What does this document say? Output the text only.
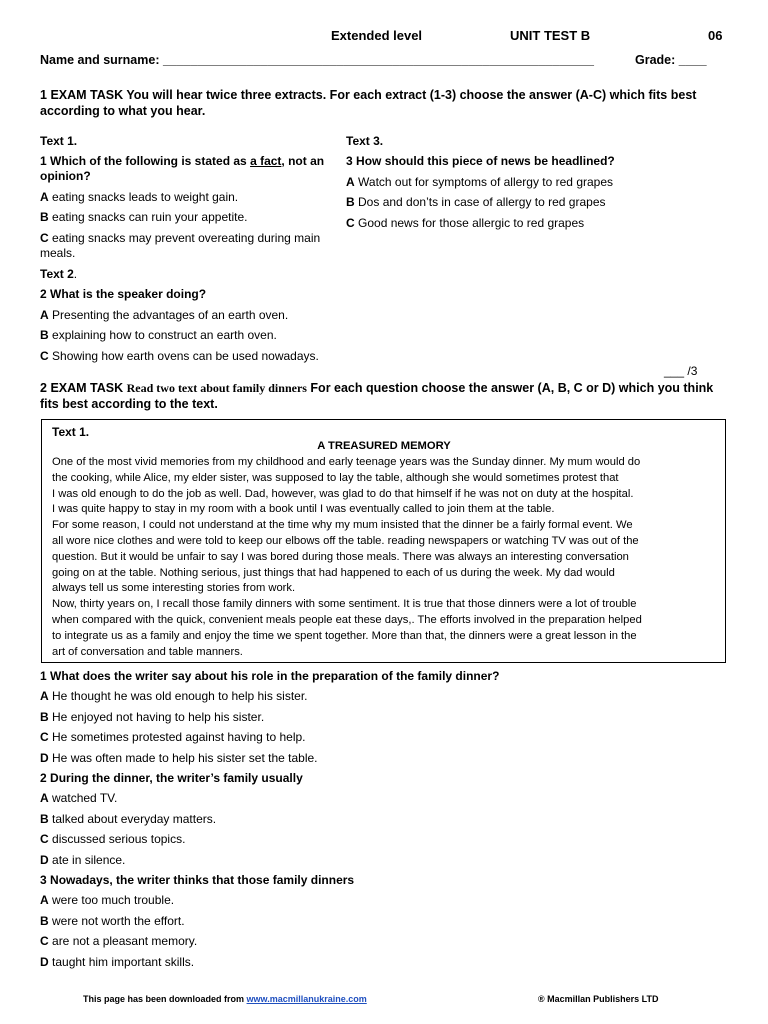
Extended level	UNIT TEST B	06
Name and surname: ______________________________________________________________	Grade: ____
1 EXAM TASK You will hear twice three extracts. For each extract (1-3) choose the answer (A-C) which fits best
according to what you hear.
Text 1.
1 Which of the following is stated as a fact, not an
opinion?
A eating snacks leads to weight gain.
B eating snacks can ruin your appetite.
C eating snacks may prevent overeating during main
meals.
Text 2.
2 What is the speaker doing?
A Presenting the advantages of an earth oven.
B explaining how to construct an earth oven.
C Showing how earth ovens can be used nowadays.
Text 3.
3 How should this piece of news be headlined?
A Watch out for symptoms of allergy to red grapes
B Dos and don’ts in case of allergy to red grapes
C Good news for those allergic to red grapes
___ /3
2 EXAM TASK Read two text about family dinners For each question choose the answer (A, B, C or D) which you think
fits best according to the text.
Text 1.
A TREASURED MEMORY

One of the most vivid memories from my childhood and early teenage years was the Sunday dinner. My mum would do

the cooking, while Alice, my elder sister, was supposed to lay the table, although she would sometimes protest that

I was old enough to do the job as well. Dad, however, was glad to do that himself if he was not on duty at the hospital.

I was quite happy to stay in my room with a book until I was eventually called to join them at the table.

For some reason, I could not understand at the time why my mum insisted that the dinner be a fairly formal event. We

all wore nice clothes and were told to keep our elbows off the table. reading newspapers or watching TV was out of the

question. But it would be unfair to say I was bored during those meals. There was always an interesting conversation

going on at the table. Nothing serious, just things that had happened to each of us during the week. My dad would

always tell us some interesting stories from work.

Now, thirty years on, I recall those family dinners with some sentiment. It is true that those dinners were a lot of trouble

when compared with the quick, convenient meals people eat these days,. The efforts involved in the preparation helped

to integrate us as a family and enjoy the time we spent together. More than that, the dinners were a great lesson in the

art of conversation and table manners.

1 What does the writer say about his role in the preparation of the family dinner?
A He thought he was old enough to help his sister.
B He enjoyed not having to help his sister.
C He sometimes protested against having to help.
D He was often made to help his sister set the table.
2 During the dinner, the writer’s family usually
A watched TV.
B talked about everyday matters.
C discussed serious topics.
D ate in silence.
3 Nowadays, the writer thinks that those family dinners
A were too much trouble.
B were not worth the effort.
C are not a pleasant memory.
D taught him important skills.
This page has been downloaded from www.macmillanukraine.com	® Macmillan Publishers LTD
